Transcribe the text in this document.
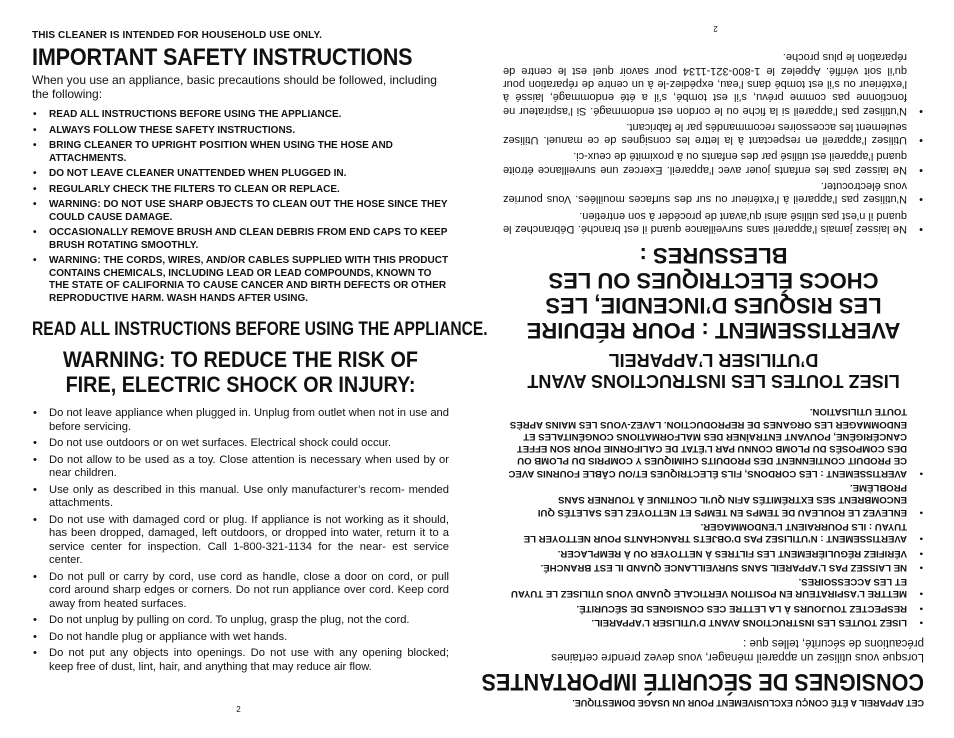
THIS CLEANER IS INTENDED FOR HOUSEHOLD USE ONLY.
IMPORTANT SAFETY INSTRUCTIONS
When you use an appliance, basic precautions should be followed, including the following:
• READ ALL INSTRUCTIONS BEFORE USING THE APPLIANCE.
• ALWAYS FOLLOW THESE SAFETY INSTRUCTIONS.
• BRING CLEANER TO UPRIGHT POSITION WHEN USING THE HOSE AND ATTACHMENTS.
• DO NOT LEAVE CLEANER UNATTENDED WHEN PLUGGED IN.
• REGULARLY CHECK THE FILTERS TO CLEAN OR REPLACE.
• WARNING: DO NOT USE SHARP OBJECTS TO CLEAN OUT THE HOSE SINCE THEY COULD CAUSE DAMAGE.
• OCCASIONALLY REMOVE BRUSH AND CLEAN DEBRIS FROM END CAPS TO KEEP BRUSH ROTATING SMOOTHLY.
• WARNING: THE CORDS, WIRES, AND/OR CABLES SUPPLIED WITH THIS PRODUCT CONTAINS CHEMICALS, INCLUDING LEAD OR LEAD COMPOUNDS, KNOWN TO THE STATE OF CALIFORNIA TO CAUSE CANCER AND BIRTH DEFECTS OR OTHER REPRODUCTIVE HARM. WASH HANDS AFTER USING.
READ ALL INSTRUCTIONS BEFORE USING THE APPLIANCE.
WARNING: TO REDUCE THE RISK OF FIRE, ELECTRIC SHOCK OR INJURY:
• Do not leave appliance when plugged in. Unplug from outlet when not in use and before servicing.
• Do not use outdoors or on wet surfaces. Electrical shock could occur.
• Do not allow to be used as a toy. Close attention is necessary when used by or near children.
• Use only as described in this manual. Use only manufacturer’s recom- mended attachments.
• Do not use with damaged cord or plug. If appliance is not working as it should, has been dropped, damaged, left outdoors, or dropped into water, return it to a service center for inspection. Call 1-800-321-1134 for the near- est service center.
• Do not pull or carry by cord, use cord as handle, close a door on cord, or pull cord around sharp edges or corners. Do not run appliance over cord. Keep cord away from heated surfaces.
• Do not unplug by pulling on cord. To unplug, grasp the plug, not the cord.
• Do not handle plug or appliance with wet hands.
• Do not put any objects into openings. Do not use with any opening blocked; keep free of dust, lint, hair, and anything that may reduce air flow.
2
CET APPAREIL A ÉTÉ CONÇU EXCLUSIVEMENT POUR UN USAGE DOMESTIQUE.
CONSIGNES DE SÉCURITÉ IMPORTANTES
Lorsque vous utilisez un appareil ménager, vous devez prendre certaines précautions de sécurité, telles que :
• LISEZ TOUTES LES INSTRUCTIONS AVANT D’UTILISER L’APPAREIL.
• RESPECTEZ TOUJOURS À LA LETTRE CES CONSIGNES DE SÉCURITÉ.
• METTRE L’ASPIRATEUR EN POSITION VERTICALE QUAND VOUS UTILISEZ LE TUYAU ET LES ACCESSOIRES.
• NE LAISSEZ PAS L’APPAREIL SANS SURVEILLANCE QUAND IL EST BRANCHÉ.
• VÉRIFIEZ RÉGULIÈREMENT LES FILTRES À NETTOYER OU À REMPLACER.
• AVERTISSEMENT : N’UTILISEZ PAS D’OBJETS TRANCHANTS POUR NETTOYER LE TUYAU : ILS POURRAIENT L’ENDOMMAGER.
• ENLEVEZ LE ROULEAU DE TEMPS EN TEMPS ET NETTOYEZ LES SALETÉS QUI ENCOMBRENT SES EXTRÉMITÉS AFIN QU’IL CONTINUE À TOURNER SANS PROBLÈME.
• AVERTISSEMENT : LES CORDONS, FILS ÉLECTRIQUES ET/OU CÂBLE FOURNIS AVEC CE PRODUIT CONTIENNENT DES PRODUITS CHIMIQUES Y COMPRIS DU PLOMB OU DES COMPOSÉS DU PLOMB CONNU PAR L’ÉTAT DE CALIFORNIE POUR SON EFFET CANCÉRIGÈNE, POUVANT ENTRAÎNER DES MALFORMATIONS CONGÉNITALES ET ENDOMMAGER LES ORGANES DE REPRODUCTION. LAVEZ-VOUS LES MAINS APRÈS TOUTE UTILISATION.
LISEZ TOUTES LES INSTRUCTIONS AVANT D’UTILISER L’APPAREIL
AVERTISSEMENT : POUR RÉDUIRE LES RISQUES D’INCENDIE, LES CHOCS ÉLECTRIQUES OU LES BLESSURES :
• Ne laissez jamais l’appareil sans surveillance quand il est branché. Débranchez le quand il n’est pas utilisé ainsi qu’avant de procéder à son entretien.
• N’utilisez pas l’appareil à l’extérieur ou sur des surfaces mouillées. Vous pourriez vous électrocuter.
• Ne laissez pas les enfants jouer avec l’appareil. Exercez une surveillance étroite quand l’appareil est utilisé par des enfants ou à proximité de ceux-ci.
• Utilisez l’appareil en respectant à la lettre les consignes de ce manuel. Utilisez seulement les accessoires recommandés par le fabricant.
• N’utilisez pas l’appareil si la fiche ou le cordon est endommagé. Si l’aspirateur ne fonctionne pas comme prévu, s’il est tombé, s’il a été endommagé, laissé à l’extérieur ou s’il est tombé dans l’eau, expédiez-le à un centre de réparation pour qu’il soit vérifié. Appelez le 1-800-321-1134 pour savoir quel est le centre de réparation le plus proche.
2
